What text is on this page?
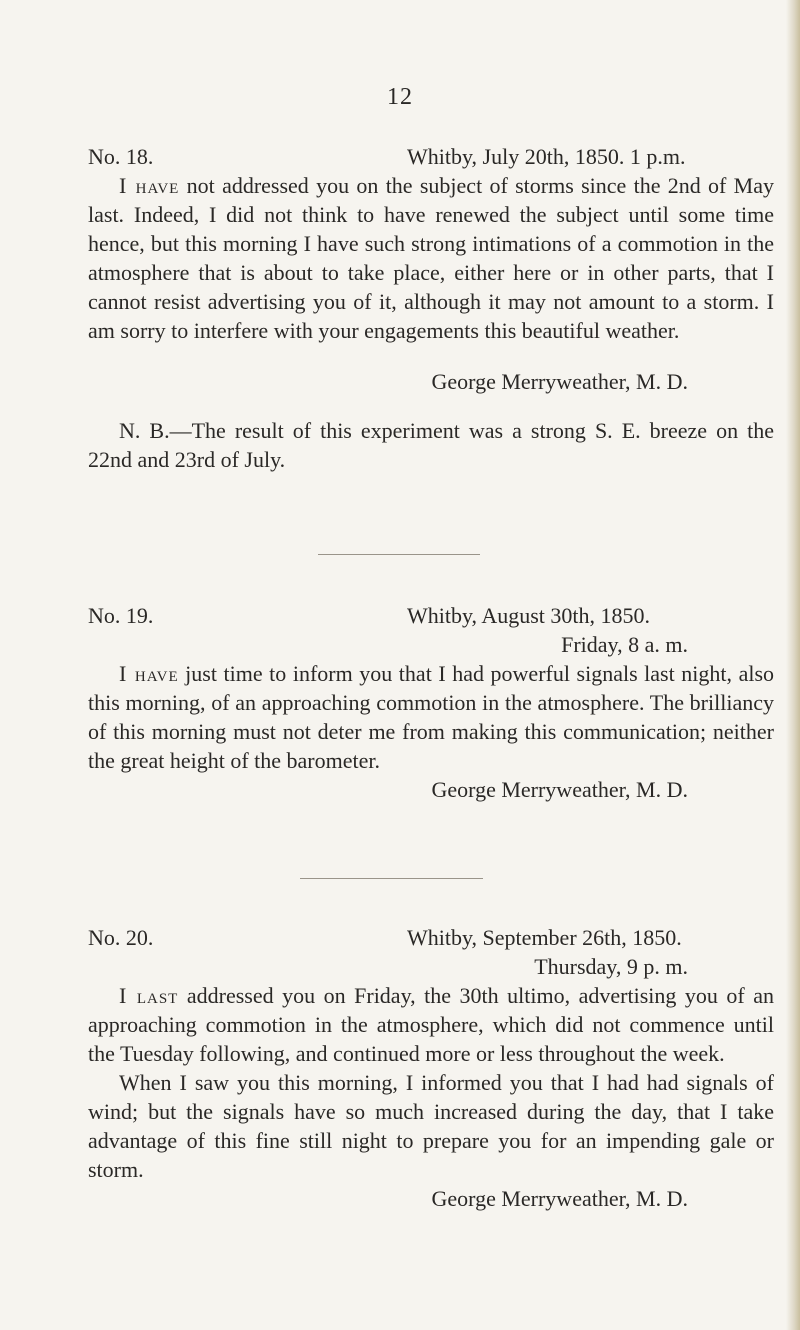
12
No. 18.	Whitby, July 20th, 1850. 1 p.m.

I have not addressed you on the subject of storms since the 2nd of May last. Indeed, I did not think to have renewed the subject until some time hence, but this morning I have such strong intimations of a commotion in the atmosphere that is about to take place, either here or in other parts, that I cannot resist advertising you of it, although it may not amount to a storm. I am sorry to interfere with your engagements this beautiful weather.

George Merryweather, M. D.
N. B.—The result of this experiment was a strong S. E. breeze on the 22nd and 23rd of July.
No. 19.	Whitby, August 30th, 1850.
Friday, 8 a. m.

I have just time to inform you that I had powerful signals last night, also this morning, of an approaching commotion in the atmosphere. The brilliancy of this morning must not deter me from making this communication; neither the great height of the barometer.

George Merryweather, M. D.
No. 20.	Whitby, September 26th, 1850.
Thursday, 9 p. m.

I last addressed you on Friday, the 30th ultimo, advertising you of an approaching commotion in the atmosphere, which did not commence until the Tuesday following, and continued more or less throughout the week.

When I saw you this morning, I informed you that I had had signals of wind; but the signals have so much increased during the day, that I take advantage of this fine still night to prepare you for an impending gale or storm.

George Merryweather, M. D.
